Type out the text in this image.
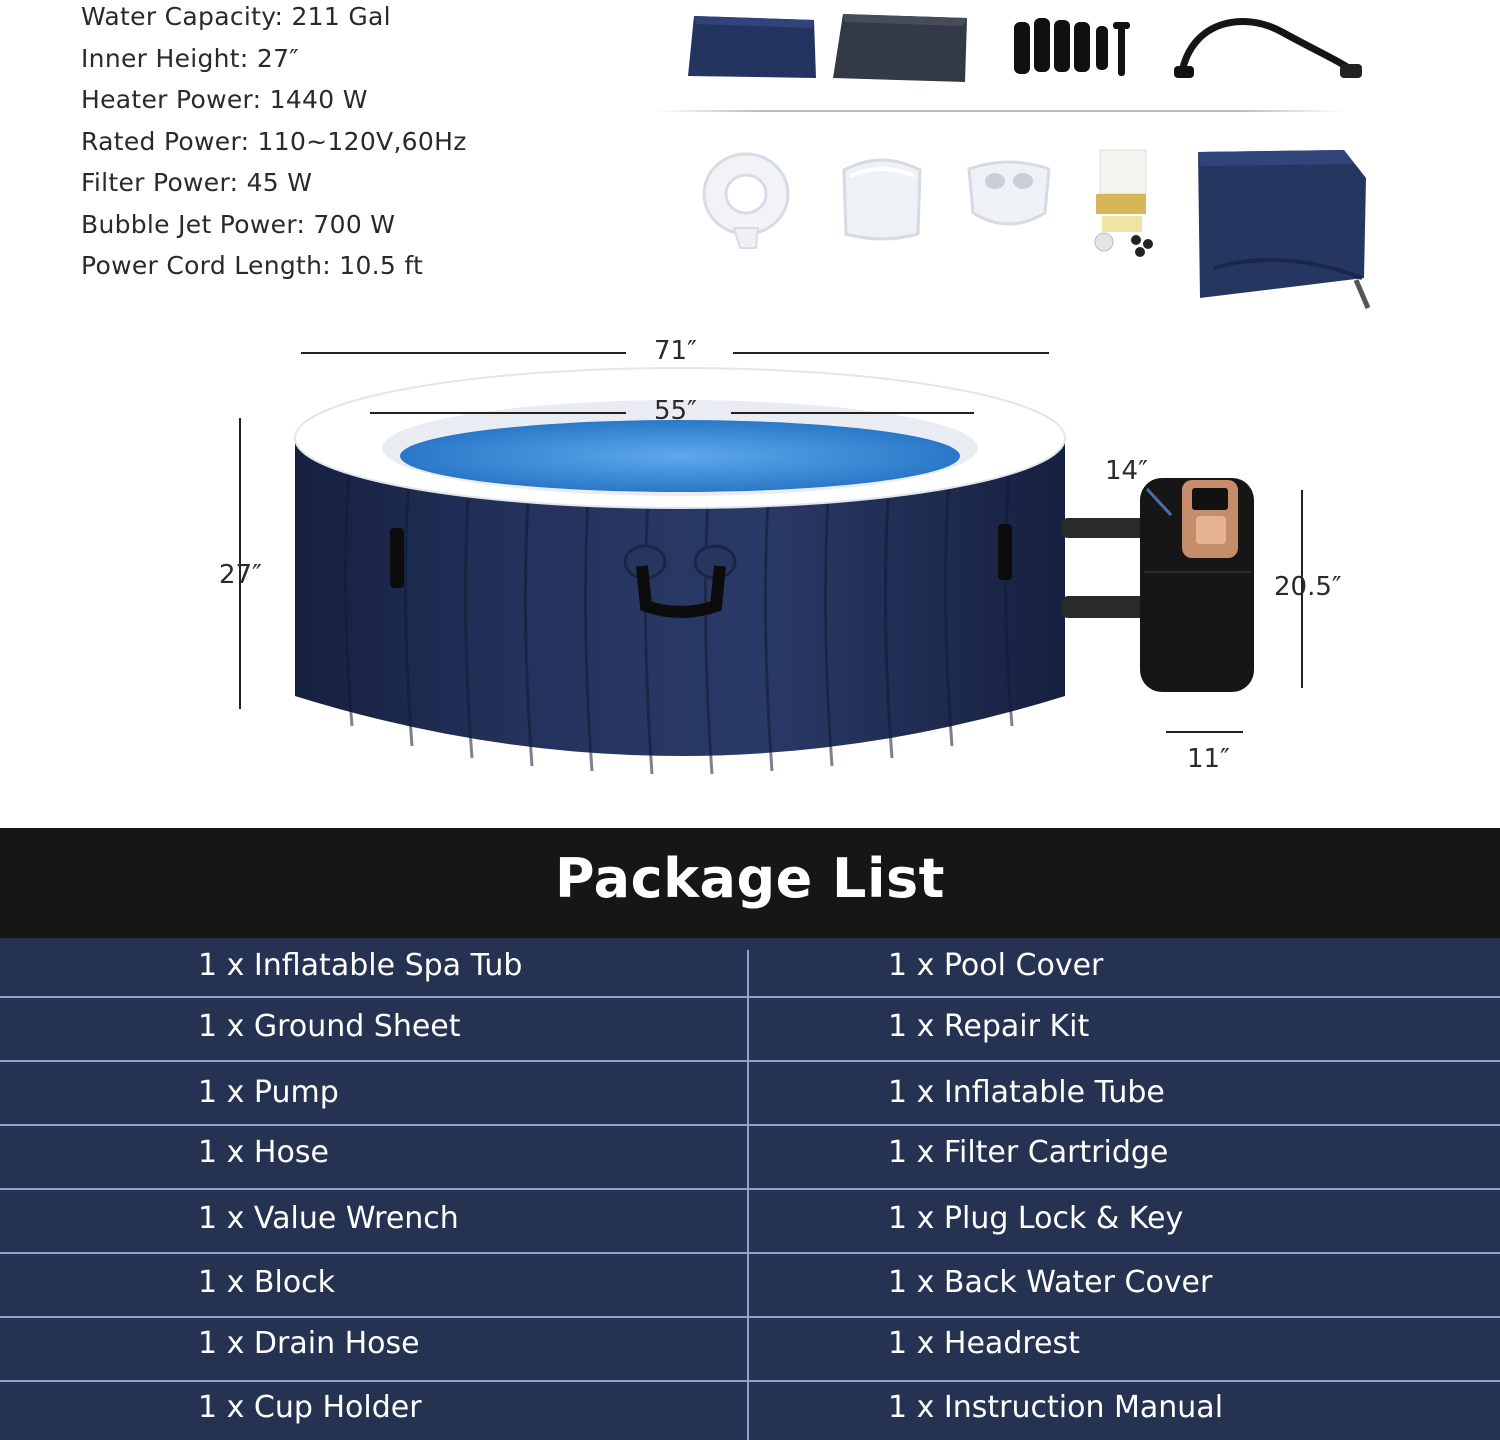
Water Capacity: 211 Gal
Inner Height: 27″
Heater Power: 1440 W
Rated Power: 110~120V,60Hz
Filter Power: 45 W
Bubble Jet Power: 700 W
Power Cord Length: 10.5 ft
71″
55″
27″
14″
20.5″
11″
Package List
1 x Inflatable Spa Tub	1 x Pool Cover
1 x Ground Sheet	1 x Repair Kit
1 x Pump	1 x Inflatable Tube
1 x Hose	1 x Filter Cartridge
1 x Value Wrench	1 x Plug Lock & Key
1 x Block	1 x Back Water Cover
1 x Drain Hose	1 x Headrest
1 x Cup Holder	1 x Instruction Manual
